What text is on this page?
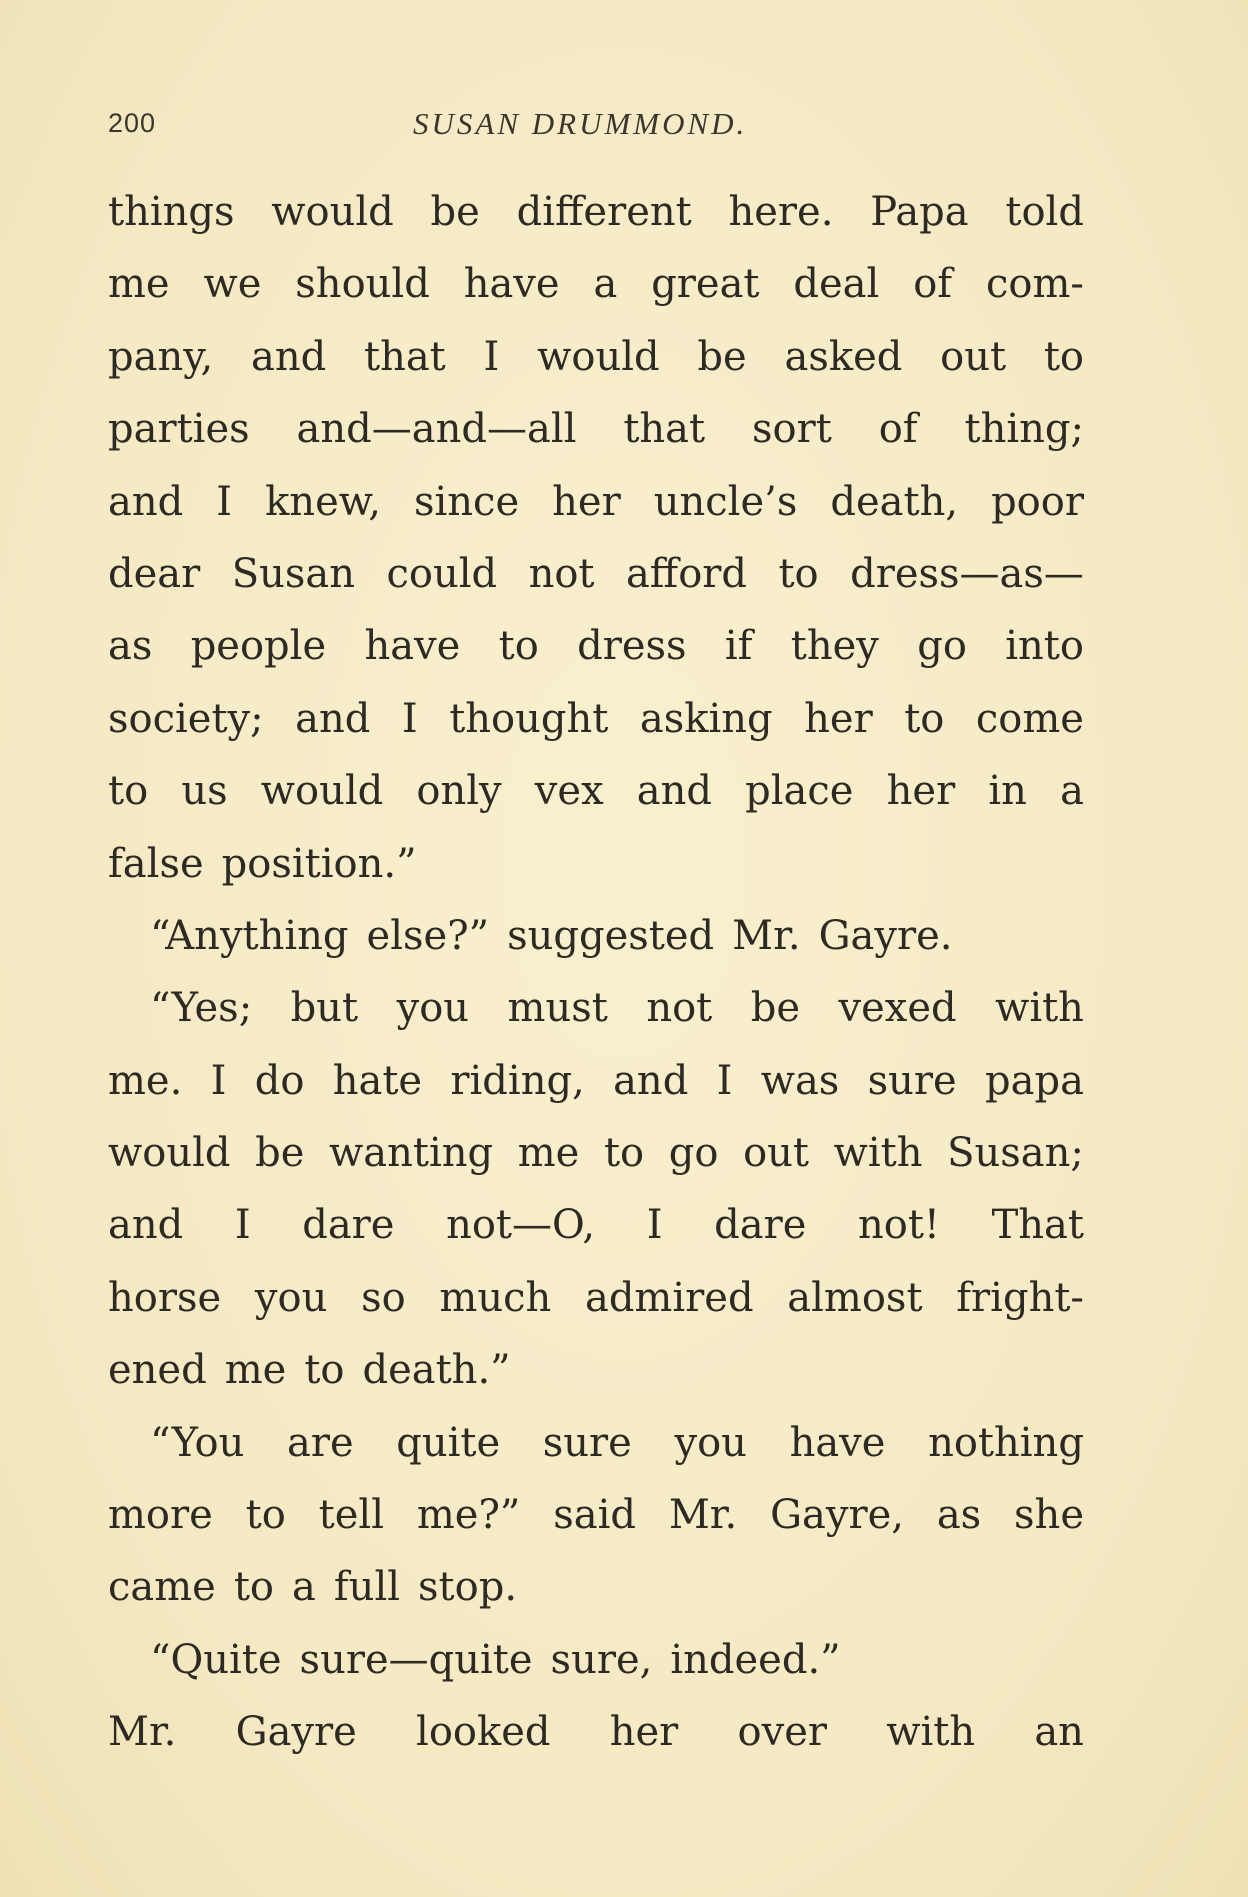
200	SUSAN DRUMMOND.
things would be different here. Papa told
me we should have a great deal of com-
pany, and that I would be asked out to
parties and—and—all that sort of thing;
and I knew, since her uncle’s death, poor
dear Susan could not afford to dress—as—
as people have to dress if they go into
society; and I thought asking her to come
to us would only vex and place her in a
false position.”
“Anything else?” suggested Mr. Gayre.
“Yes; but you must not be vexed with
me. I do hate riding, and I was sure papa
would be wanting me to go out with Susan;
and I dare not—O, I dare not! That
horse you so much admired almost fright-
ened me to death.”
“You are quite sure you have nothing
more to tell me?” said Mr. Gayre, as she
came to a full stop.
“Quite sure—quite sure, indeed.”
Mr. Gayre looked her over with an
